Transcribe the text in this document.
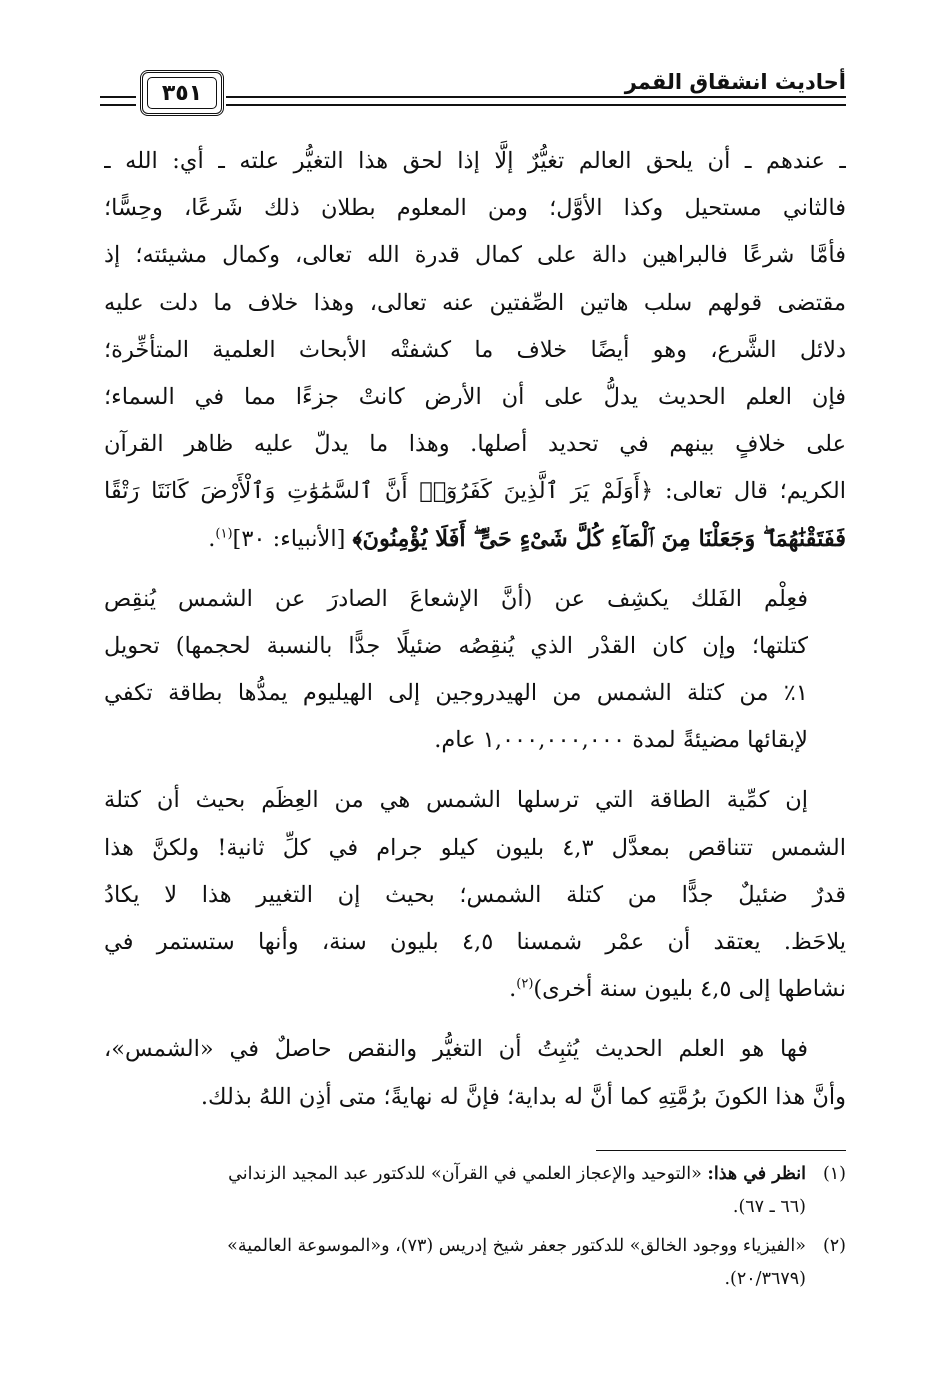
أحاديث انشقاق القمر
٣٥١

ـ عندهم ـ أن يلحق العالم تغيُّرٌ إلَّا إذا لحق هذا التغيُّر علته ـ أي: الله ـ
فالثاني مستحيل وكذا الأوَّل؛ ومن المعلوم بطلان ذلك شَرعًا، وحِسًّا؛
فأمَّا شرعًا فالبراهين دالة على كمال قدرة الله تعالى، وكمال مشيئته؛ إذ
مقتضى قولهم سلب هاتين الصِّفتين عنه تعالى، وهذا خلاف ما دلت عليه
دلائل الشَّرع، وهو أيضًا خلاف ما كشفتْه الأبحاث العلمية المتأخِّرة؛
فإن العلم الحديث يدلُّ على أن الأرض كانتْ جزءًا مما في السماء؛
على خلافٍ بينهم في تحديد أصلها. وهذا ما يدلّ عليه ظاهر القرآن
الكريم؛ قال تعالى: ﴿أَوَلَمْ يَرَ ٱلَّذِينَ كَفَرُوٓا۟ أَنَّ ٱلسَّمَٰوَٰتِ وَٱلْأَرْضَ كَانَتَا رَتْقًا
فَفَتَقْنَٰهُمَا ۖ وَجَعَلْنَا مِنَ ٱلْمَآءِ كُلَّ شَىْءٍ حَىٍّ ۖ أَفَلَا يُؤْمِنُونَ﴾ [الأنبياء: ٣٠]$^{(١)}$.

فعِلْم الفَلك يكشِف عن (أنَّ الإشعاعَ الصادرَ عن الشمس يُنقِص
كتلتها؛ وإن كان القدْر الذي يُنقِصُه ضئيلًا جدًّا بالنسبة لحجمها) تحويل
١٪ من كتلة الشمس من الهيدروجين إلى الهيليوم يمدُّها بطاقة تكفي
لإبقائها مضيئةً لمدة ١,٠٠٠,٠٠٠,٠٠٠ عام.

إن كمِّية الطاقة التي ترسلها الشمس هي من العِظَم بحيث أن كتلة
الشمس تتناقص بمعدَّل ٤,٣ بليون كيلو جرام في كلِّ ثانية! ولكنَّ هذا
قدرٌ ضئيلٌ جدًّا من كتلة الشمس؛ بحيث إن التغيير هذا لا يكادُ
يلاحَظ. يعتقد أن عمْر شمسنا ٤,٥ بليون سنة، وأنها ستستمر في
نشاطها إلى ٤,٥ بليون سنة أخرى)$^{(٢)}$.

فها هو العلم الحديث يُثبِتُ أن التغيُّر والنقص حاصلٌ في «الشمس»،
وأنَّ هذا الكونَ برُمَّتِهِ كما أنَّ له بداية؛ فإنَّ له نهايةً؛ متى أذِن اللهُ بذلك.

(١)
انظر في هذا: «التوحيد والإعجاز العلمي في القرآن» للدكتور عبد المجيد الزنداني
(٦٦ ـ ٦٧).
(٢)
«الفيزياء ووجود الخالق» للدكتور جعفر شيخ إدريس (٧٣)، و«الموسوعة العالمية»
(٢٠/٣٦٧٩).
